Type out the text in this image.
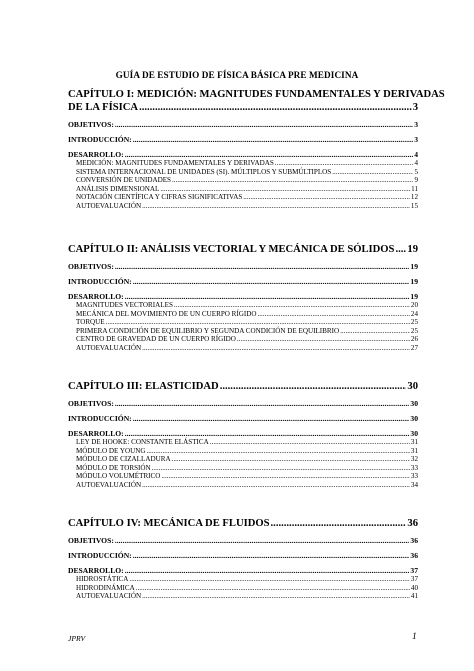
GUÍA DE ESTUDIO DE FÍSICA BÁSICA PRE MEDICINA
CAPÍTULO I: MEDICIÓN: MAGNITUDES FUNDAMENTALES Y DERIVADAS
DE LA FÍSICA .....	3
OBJETIVOS: .....	3
INTRODUCCIÓN: .....	3
DESARROLLO: .....	4
MEDICIÓN: MAGNITUDES FUNDAMENTALES Y DERIVADAS .....	4
SISTEMA INTERNACIONAL DE UNIDADES (SI). MÚLTIPLOS Y SUBMÚLTIPLOS .....	5
CONVERSIÓN DE UNIDADES .....	9
ANÁLISIS DIMENSIONAL .....	11
NOTACIÓN CIENTÍFICA Y CIFRAS SIGNIFICATIVAS .....	12
AUTOEVALUACIÓN .....	15
CAPÍTULO II: ANÁLISIS VECTORIAL Y MECÁNICA DE SÓLIDOS ..... 19
OBJETIVOS: .....	19
INTRODUCCIÓN: .....	19
DESARROLLO: .....	19
MAGNITUDES VECTORIALES .....	20
MECÁNICA DEL MOVIMIENTO DE UN CUERPO RÍGIDO .....	24
TORQUE .....	25
PRIMERA CONDICIÓN DE EQUILIBRIO Y SEGUNDA CONDICIÓN DE EQUILIBRIO .....	25
CENTRO DE GRAVEDAD DE UN CUERPO RÍGIDO .....	26
AUTOEVALUACIÓN .....	27
CAPÍTULO III: ELASTICIDAD .....	30
OBJETIVOS: .....	30
INTRODUCCIÓN: .....	30
DESARROLLO: .....	30
LEY DE HOOKE: CONSTANTE ELÁSTICA .....	31
MÓDULO DE YOUNG .....	31
MÓDULO DE CIZALLADURA .....	32
MÓDULO DE TORSIÓN .....	33
MÓDULO VOLUMÉTRICO .....	33
AUTOEVALUACIÓN .....	34
CAPÍTULO IV: MECÁNICA DE FLUIDOS .....	36
OBJETIVOS: .....	36
INTRODUCCIÓN: .....	36
DESARROLLO: .....	37
HIDROSTÁTICA .....	37
HIDRODINÁMICA .....	40
AUTOEVALUACIÓN .....	41
JPRV	1
